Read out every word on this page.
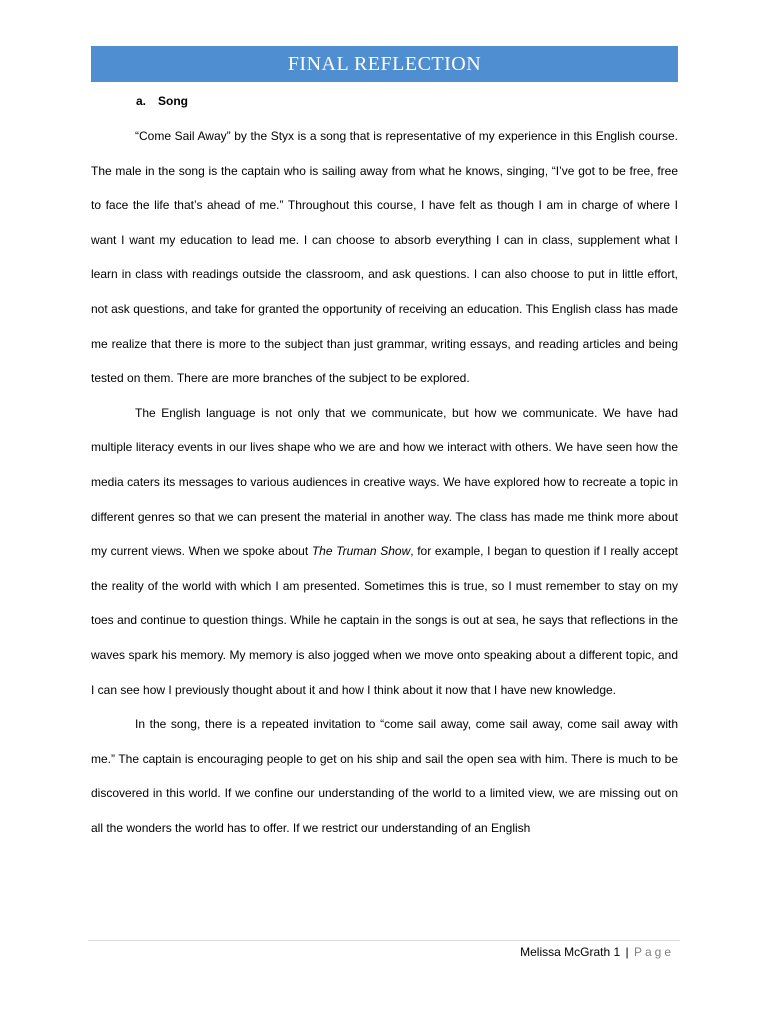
FINAL REFLECTION
a. Song

“Come Sail Away” by the Styx is a song that is representative of my experience in this English course. The male in the song is the captain who is sailing away from what he knows, singing, “I’ve got to be free, free to face the life that’s ahead of me.” Throughout this course, I have felt as though I am in charge of where I want I want my education to lead me. I can choose to absorb everything I can in class, supplement what I learn in class with readings outside the classroom, and ask questions. I can also choose to put in little effort, not ask questions, and take for granted the opportunity of receiving an education. This English class has made me realize that there is more to the subject than just grammar, writing essays, and reading articles and being tested on them. There are more branches of the subject to be explored.

The English language is not only that we communicate, but how we communicate. We have had multiple literacy events in our lives shape who we are and how we interact with others. We have seen how the media caters its messages to various audiences in creative ways. We have explored how to recreate a topic in different genres so that we can present the material in another way. The class has made me think more about my current views. When we spoke about The Truman Show, for example, I began to question if I really accept the reality of the world with which I am presented. Sometimes this is true, so I must remember to stay on my toes and continue to question things. While he captain in the songs is out at sea, he says that reflections in the waves spark his memory. My memory is also jogged when we move onto speaking about a different topic, and I can see how I previously thought about it and how I think about it now that I have new knowledge.

In the song, there is a repeated invitation to “come sail away, come sail away, come sail away with me.” The captain is encouraging people to get on his ship and sail the open sea with him. There is much to be discovered in this world. If we confine our understanding of the world to a limited view, we are missing out on all the wonders the world has to offer. If we restrict our understanding of an English

Melissa McGrath 1 | Page
